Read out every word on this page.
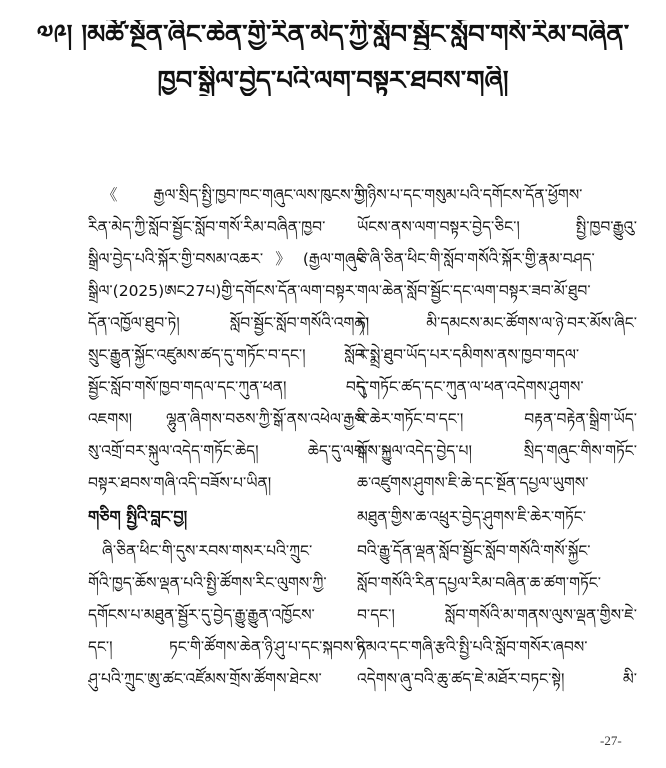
༧༩། །མཚོ་སྔོན་ཞིང་ཆེན་གྱི་རིན་མེད་ཀྱི་སློབ་སྦྱོང་སློབ་གསོ་རིམ་བཞིན་
ཁྱབ་སྒྲིལ་བྱེད་པའི་ལག་བསྟར་ཐབས་གཞི།
《རྒྱལ་སྲིད་སྤྱི་ཁྱབ་ཁང་གཞུང་ལས་ཁུངས་ཀྱི་
རིན་མེད་ཀྱི་སློབ་སྦྱོང་སློབ་གསོ་རིམ་བཞིན་ཁྱབ་
སྒྲིལ་བྱེད་པའི་སྐོར་གྱི་བསམ་འཆར་》(རྒྱལ་གཞུང་
སྒྲིལ་(2025)ཨང27པ)གྱི་དགོངས་དོན་ལག་བསྟར་
དོན་འཁྱོལ་ཐུབ་ཏེ། སློབ་སྦྱོང་སློབ་གསོའི་འགན་
སྲུང་རྒྱུན་སྐྱོང་འཛུམས་ཚད་དུ་གཏོང་བ་དང་། སློབ་
སྦྱོང་སློབ་གསོ་ཁྱབ་གདལ་དང་ཀུན་ཕན། བདེ་
འཇགས། ལྷུན་ཞིགས་བཅས་ཀྱི་སྒོ་ནས་འཕེལ་རྒྱས་
སུ་འགྲོ་བར་སྐུལ་འདེད་གཏོང་ཆེད། ཆེད་དུ་ལག་
བསྟར་ཐབས་གཞི་འདི་བཟོས་པ་ཡིན།
གཅིག སྤྱིའི་བླང་བྱ།
ཞི་ཅིན་ཕིང་གི་དུས་རབས་གསར་པའི་ཀྲུང་
གོའི་ཁྱད་ཆོས་ལྡན་པའི་སྤྱི་ཚོགས་རིང་ལུགས་ཀྱི་
དགོངས་པ་མཐུན་སྦྱོར་དུ་བྱེད་རྒྱུ་རྒྱུན་འཁྱོངས་
དང་། ཏང་གི་ཚོགས་ཆེན་ཉི་ཤུ་པ་དང་སྐབས་ཉི་
ཤུ་པའི་ཀྲུང་ཨུ་ཚང་འཛོམས་གྲོས་ཚོགས་ཐེངས་
གཉིས་པ་དང་གསུམ་པའི་དགོངས་དོན་ཕྱོགས་
ཡོངས་ནས་ལག་བསྟར་བྱེད་ཅིང་། སྤྱི་ཁྱབ་རྒྱུའུ་
ཅི་ཞི་ཅིན་ཕིང་གི་སློབ་གསོའི་སྐོར་གྱི་རྣམ་བཤད་
གལ་ཆེན་སློབ་སྦྱོང་དང་ལག་བསྟར་ཟབ་མོ་ཐུབ་
ཏེ། མི་དམངས་མང་ཚོགས་ལ་ཉེ་བར་མོས་ཞིང་
རེ་སྨྲེ་ཐུབ་ཡོད་པར་དམིགས་ནས་ཁྱབ་གདལ་
དུ་གཏོང་ཚད་དང་ཀུན་ལ་ཕན་འདེགས་ཤུགས་
ཇི་ཆེར་གཏོང་བ་དང་། བརྟན་བརྟེན་སྒྲིག་ཡོད་
སྒོས་སྐྱུལ་འདེད་བྱེད་པ། སྲིད་གཞུང་གིས་གཏོང་
ཆ་འཛུགས་ཤུགས་ཇི་ཆེ་དང་སྔོན་དཔྱལ་ཡུགས་
མཐུན་གྱིས་ཆ་འཕྲུར་བྱེད་ཤུགས་ཇི་ཆེར་གཏོང་
བའི་རྒྱུ་དོན་ལྡན་སློབ་སྦྱོང་སློབ་གསོའི་གསོ་སྐྱོང་
སློབ་གསོའི་རིན་དཔྱལ་རིམ་བཞིན་ཆ་ཚག་གཏོང་
བ་དང་། སློབ་གསོའི་མ་གནས་ལུས་ལྡན་གྱིས་ཇེ་
དམའ་དང་གཞི་རྩའི་སྤྱི་པའི་སློབ་གསོར་ཞབས་
འདེགས་ཞུ་བའི་ཆུ་ཚད་ཇེ་མཐོར་བཏང་སྟེ། མི་
-27-
